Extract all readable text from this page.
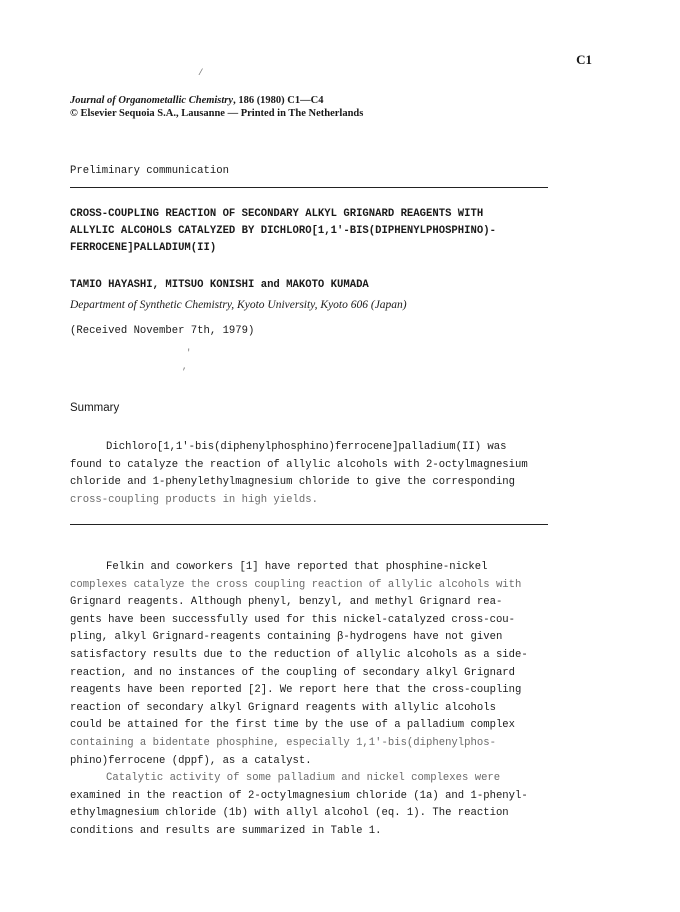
C1
Journal of Organometallic Chemistry, 186 (1980) C1—C4
© Elsevier Sequoia S.A., Lausanne — Printed in The Netherlands
Preliminary communication
CROSS-COUPLING REACTION OF SECONDARY ALKYL GRIGNARD REAGENTS WITH
ALLYLIC ALCOHOLS CATALYZED BY DICHLORO[1,1'-BIS(DIPHENYLPHOSPHINO)-
FERROCENE]PALLADIUM(II)
TAMIO HAYASHI, MITSUO KONISHI and MAKOTO KUMADA
Department of Synthetic Chemistry, Kyoto University, Kyoto 606 (Japan)
(Received November 7th, 1979)
Summary
Dichloro[1,1'-bis(diphenylphosphino)ferrocene]palladium(II) was
found to catalyze the reaction of allylic alcohols with 2-octylmagnesium
chloride and 1-phenylethylmagnesium chloride to give the corresponding
cross-coupling products in high yields.
Felkin and coworkers [1] have reported that phosphine-nickel
complexes catalyze the cross coupling reaction of allylic alcohols with
Grignard reagents. Although phenyl, benzyl, and methyl Grignard rea-
gents have been successfully used for this nickel-catalyzed cross-cou-
pling, alkyl Grignard-reagents containing β-hydrogens have not given
satisfactory results due to the reduction of allylic alcohols as a side-
reaction, and no instances of the coupling of secondary alkyl Grignard
reagents have been reported [2]. We report here that the cross-coupling
reaction of secondary alkyl Grignard reagents with allylic alcohols
could be attained for the first time by the use of a palladium complex
containing a bidentate phosphine, especially 1,1'-bis(diphenylphos-
phino)ferrocene (dppf), as a catalyst.
Catalytic activity of some palladium and nickel complexes were
examined in the reaction of 2-octylmagnesium chloride (1a) and 1-phenyl-
ethylmagnesium chloride (1b) with allyl alcohol (eq. 1). The reaction
conditions and results are summarized in Table 1.
/
'
,
